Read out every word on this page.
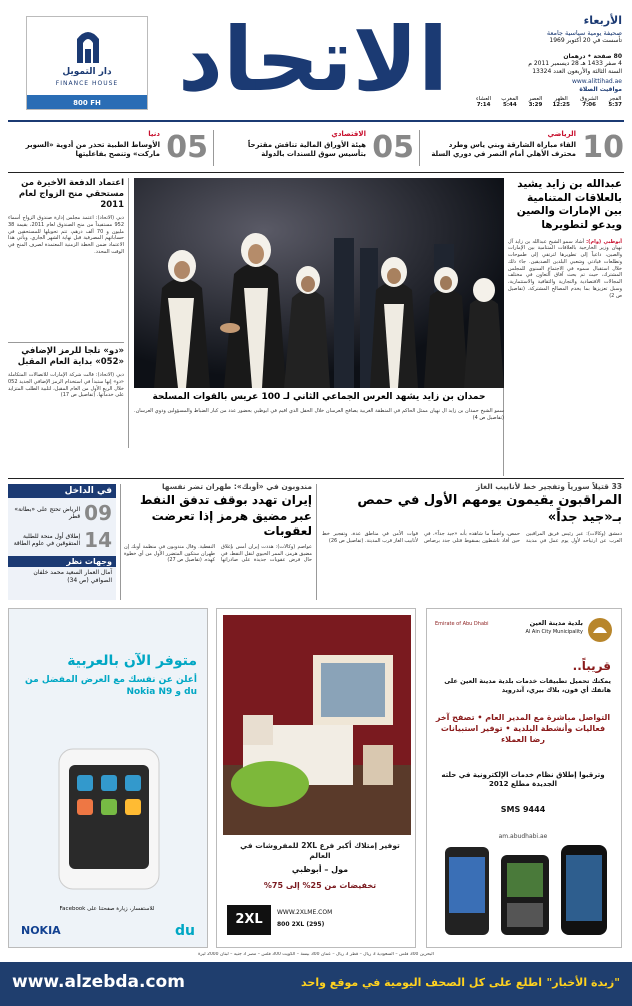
الأربعاء
صحيفة يومية سياسية جامعة
تأسست في 20 أكتوبر 1969
80 صفحة • درهمان
4 صفر 1433 هـ 28 ديسمبر 2011 م
السنة الثالثة والأربعون العدد 13324
www.alittihad.ae
مواقيت الصلاة
الفجر
5:37
الشروق
7:06
الظهر
12:25
العصر
3:29
المغرب
5:44
العشاء
7:14
الاتحاد
دار التمويل
FINANCE HOUSE
800 FH
10
الرياضي
القاء مباراة الشارقة وبني ياس وطرد محترف الأهلي أمام النصر في دوري السلة
05
الاقتصادي
هيئة الأوراق المالية تناقش مقترحاً بتأسيس سوق للسندات بالدولة
05
دنيا
الأوساط الطبية تحذر من أدوية «السوبر ماركت» وتنصح بفاعليتها
عبدالله بن زايد يشيد بالعلاقات المتنامية بين الإمارات والصين ويدعو لتطويرها
أبوظبي (وام): أشاد سمو الشيخ عبدالله بن زايد آل نهيان وزير الخارجية بالعلاقات المتنامية بين الإمارات والصين، داعياً إلى تطويرها لترتقي إلى طموحات وتطلعات قيادتي وشعبي البلدين الصديقين. جاء ذلك خلال استقبال سموه في الاجتماع السنوي للمجلس المشترك، حيث تم بحث آفاق التعاون في مختلف المجالات الاقتصادية والتجارية والثقافية والاستثمارية، وسبل تعزيزها بما يخدم المصالح المشتركة. (تفاصيل ص 2)
حمدان بن زايد يشهد العرس الجماعي الثاني لـ 100 عريس بالقوات المسلحة
سمو الشيخ حمدان بن زايد آل نهيان ممثل الحاكم في المنطقة الغربية يصافح العرسان خلال الحفل الذي أقيم في أبوظبي بحضور عدد من كبار الضباط والمسؤولين وذوي العرسان. (تفاصيل ص 4)
اعتماد الدفعة الأخيرة من مستحقي منح الزواج لعام 2011
دبي (الاتحاد): اعتمد مجلس إدارة صندوق الزواج أسماء 952 مستفيداً من منح الصندوق لعام 2011، بقيمة 38 مليون و 70 ألف درهم، تتم تحويلها للمستحقين في حساباتهم المصرفية قبل نهاية الشهر الجاري. ويأتي هذا الاعتماد ضمن الخطة الزمنية المعتمدة لصرف المنح في الوقت المحدد.
«دو» تلجأ للرمز الإضافي «052» بداية العام المقبل
دبي (الاتحاد): قالت شركة الإمارات للاتصالات المتكاملة «دو» إنها ستبدأ في استخدام الرمز الإضافي الجديد 052 خلال الربع الأول من العام المقبل، لتلبية الطلب المتزايد على خدماتها. (تفاصيل ص 17)
33 قتيلاً سورياً وتفجير خط لأنابيب الغاز
المراقبون يقيمون يومهم الأول في حمص بـ«جيد جداً»
دمشق (وكالات): عبر رئيس فريق المراقبين العرب عن ارتياحه لأول يوم عمل في مدينة حمص، واصفاً ما شاهده بأنه «جيد جداً»، في حين أفاد ناشطون بسقوط قتلى جدد برصاص قوات الأمن في مناطق عدة، وتفجير خط لأنابيب الغاز قرب المدينة. (تفاصيل ص 26)
مندوبون في «أوبك»: طهران تضر نفسها
إيران تهدد بوقف تدفق النفط عبر مضيق هرمز إذا تعرضت لعقوبات
عواصم (وكالات): هددت إيران أمس بإغلاق مضيق هرمز، الممر الحيوي لنقل النفط، في حال فرض عقوبات جديدة على صادراتها النفطية. وقال مندوبون في منظمة أوبك إن طهران ستكون المتضرر الأول من أي خطوة كهذه. (تفاصيل ص 27)
في الداخل
09
الرياض تحتج على «بطانة» قطر
14
إطلاق أول منحة للطلبة المتفوقين في علوم الطاقة
وجهات نظر
آمال العمار السعيد محمد خلفان الصوافي (ص 34)
بلدية مدينة العين
Al Ain City Municipality
Emirate of Abu Dhabi
قريباً..
يمكنك تحميل تطبيقات خدمات بلدية مدينة العين على هاتفك أي فون، بلاك بيري، آندرويد
التواصل مباشرة مع المدير العام • تصفح آخر فعاليات وأنشطة البلدية • توفير استبيانات رضا العملاء
وترقبوا إطلاق نظام خدمات الإلكترونية في حلته الجديدة مطلع 2012
SMS 9444
am.abudhabi.ae
توفير إمتلاك أكبر فرع 2XL للمفروشات في العالم
مول – أبوظبي
تخفيضات من 25% إلى 75%
2XL	WWW.2XLME.COM
800 2XL (295)
متوفر الآن بالعربية
أعلن عن نفسك مع العرض المفضل من du و Nokia N9
للاستفسار، زيارة صفحتنا على Facebook
NOKIA	du
البحرين 300 فلس – السعودية 3 ريال – قطر 3 ريال – عمان 300 بيسة – الكويت 300 فلس – مصر 3 جنيه – لبنان 2000 ليرة
www.alzebda.com	اطلع على كل الصحف اليومية في موقع واحد "زبدة الأخبار"
